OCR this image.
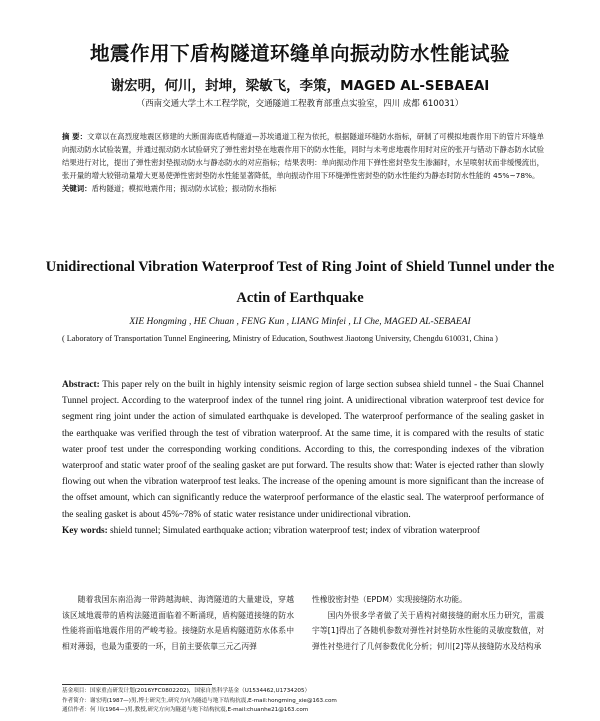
地震作用下盾构隧道环缝单向振动防水性能试验
谢宏明，何川，封坤，梁敏飞，李策，MAGED AL-SEBAEAI
（西南交通大学土木工程学院，交通隧道工程教育部重点实验室，四川 成都 610031）
摘 要：文章以在高烈度地震区修建的大断面海底盾构隧道—苏埃通道工程为依托，根据隧道环缝防水指标，研制了可模拟地震作用下的管片环缝单向振动防水试验装置，并通过振动防水试验研究了弹性密封垫在地震作用下的防水性能，同时与未考虑地震作用时对应的张开与错动下静态防水试验结果进行对比，提出了弹性密封垫振动防水与静态防水的对应指标；结果表明：单向振动作用下弹性密封垫发生渗漏时，水呈喷射状而非缓慢流出，张开量的增大较错动量增大更易使弹性密封垫防水性能显著降低，单向振动作用下环缝弹性密封垫的防水性能约为静态时防水性能的 45%~78%。
关键词：盾构隧道；模拟地震作用；振动防水试验；振动防水指标
Unidirectional Vibration Waterproof Test of Ring Joint of Shield Tunnel under the Actin of Earthquake
XIE Hongming , HE Chuan , FENG Kun , LIANG Minfei , LI Che, MAGED AL-SEBAEAI
( Laboratory of Transportation Tunnel Engineering, Ministry of Education, Southwest Jiaotong University, Chengdu 610031, China )
Abstract: This paper rely on the built in highly intensity seismic region of large section subsea shield tunnel - the Suai Channel Tunnel project. According to the waterproof index of the tunnel ring joint. A unidirectional vibration waterproof test device for segment ring joint under the action of simulated earthquake is developed. The waterproof performance of the sealing gasket in the earthquake was verified through the test of vibration waterproof. At the same time, it is compared with the results of static water proof test under the corresponding working conditions. According to this, the corresponding indexes of the vibration waterproof and static water proof of the sealing gasket are put forward. The results show that: Water is ejected rather than slowly flowing out when the vibration waterproof test leaks. The increase of the opening amount is more significant than the increase of the offset amount, which can significantly reduce the waterproof performance of the elastic seal. The waterproof performance of the sealing gasket is about 45%~78% of static water resistance under unidirectional vibration.
Key words: shield tunnel; Simulated earthquake action; vibration waterproof test; index of vibration waterproof
随着我国东南沿海一带跨越海峡、海湾隧道的大量建设，穿越该区域地震带的盾构法隧道面临着不断涌现，盾构隧道接缝的防水性能将面临地震作用的严峻考验。接缝防水是盾构隧道防水体系中相对薄弱，也最为重要的一环，目前主要依靠三元乙丙弹
性橡胶密封垫（EPDM）实现接缝防水功能。
国内外很多学者做了关于盾构衬砌接缝的耐水压力研究，雷震宇等[1]得出了各随机参数对弹性衬封垫防水性能的灵敏度数值，对弹性衬垫进行了几何参数优化分析；何川[2]等从接缝防水及结构承
基金项目：国家重点研发计划(2016YFC0802202)，国家自然科学基金（U1534462,U1734205）
作者简介：谢宏明(1987—)男,博士研究生,研究方向为隧道与地下结构抗震,E-mail:hongming_xie@163.com
通信作者：何 川(1964—)男,教授,研究方向为隧道与地下结构抗震,E-mail:chuanhe21@163.com
